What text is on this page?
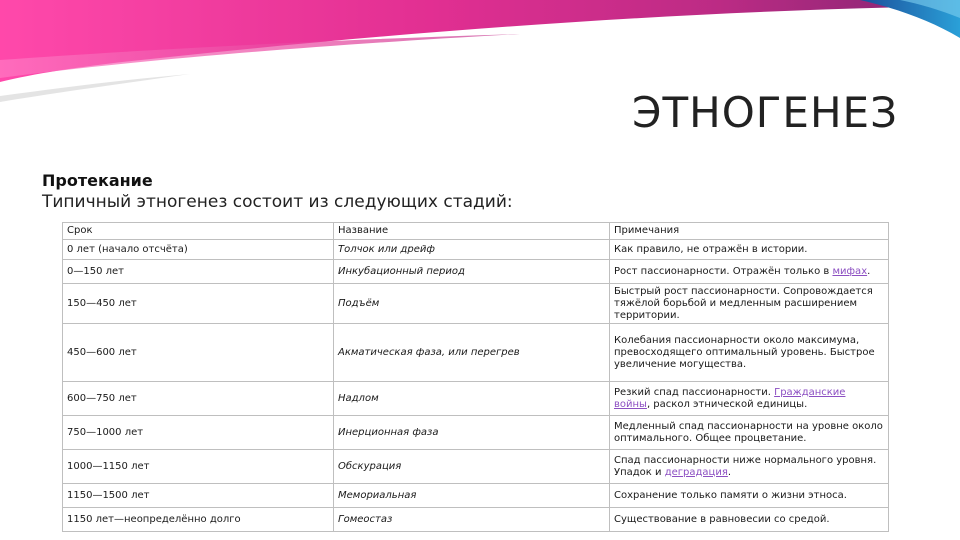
ЭТНОГЕНЕЗ
Протекание
Типичный этногенез состоит из следующих стадий:
Срок	Название	Примечания
0 лет (начало отсчёта)	Толчок или дрейф	Как правило, не отражён в истории.
0—150 лет	Инкубационный период	Рост пассионарности. Отражён только в мифах.
150—450 лет	Подъём	Быстрый рост пассионарности. Сопровождается тяжёлой борьбой и медленным расширением территории.
450—600 лет	Акматическая фаза, или перегрев	Колебания пассионарности около максимума, превосходящего оптимальный уровень. Быстрое увеличение могущества.
600—750 лет	Надлом	Резкий спад пассионарности. Гражданские войны, раскол этнической единицы.
750—1000 лет	Инерционная фаза	Медленный спад пассионарности на уровне около оптимального. Общее процветание.
1000—1150 лет	Обскурация	Спад пассионарности ниже нормального уровня. Упадок и деградация.
1150—1500 лет	Мемориальная	Сохранение только памяти о жизни этноса.
1150 лет—неопределённо долго	Гомеостаз	Существование в равновесии со средой.
